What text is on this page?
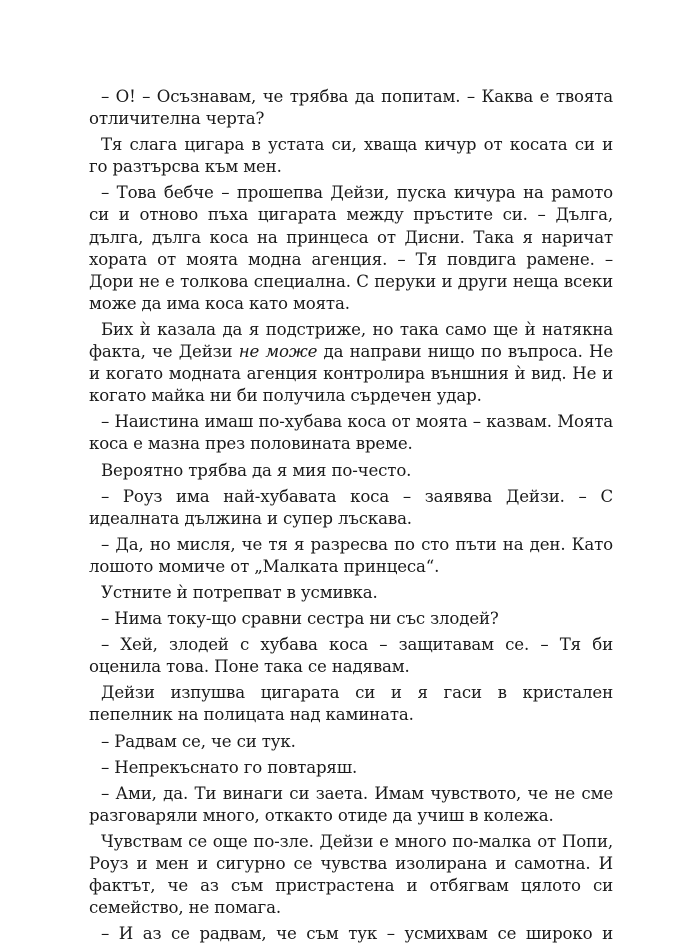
– О! – Осъзнавам, че трябва да попитам. – Каква е твоята отличителна черта?

Тя слага цигара в устата си, хваща кичур от косата си и го разтърсва към мен.

– Това бебче – прошепва Дейзи, пуска кичура на рамото си и отново пъха цигарата между пръстите си. – Дълга, дълга, дълга коса на принцеса от Дисни. Така я наричат хората от моята модна агенция. – Тя повдига рамене. – Дори не е толкова специална. С перуки и други неща всеки може да има коса като моята.

Бих ѝ казала да я подстриже, но така само ще ѝ натякна факта, че Дейзи не може да направи нищо по въпроса. Не и когато модната агенция контролира външния ѝ вид. Не и когато майка ни би получила сърдечен удар.

– Наистина имаш по-хубава коса от моята – казвам. Моята коса е мазна през половината време.

Вероятно трябва да я мия по-често.

– Роуз има най-хубавата коса – заявява Дейзи. – С идеалната дължина и супер лъскава.

– Да, но мисля, че тя я разресва по сто пъти на ден. Като лошото момиче от „Малката принцеса“.

Устните ѝ потрепват в усмивка.

– Нима току-що сравни сестра ни със злодей?

– Хей, злодей с хубава коса – защитавам се. – Тя би оценила това. Поне така се надявам.

Дейзи изпушва цигарата си и я гаси в кристален пепелник на полицата над камината.

– Радвам се, че си тук.

– Непрекъснато го повтаряш.

– Ами, да. Ти винаги си заета. Имам чувството, че не сме разговаряли много, откакто отиде да учиш в колежа.

Чувствам се още по-зле. Дейзи е много по-малка от Попи, Роуз и мен и сигурно се чувства изолирана и самотна. И фактът, че аз съм пристрастена и отбягвам цялото си семейство, не помага.

– И аз се радвам, че съм тук – усмихвам се широко и
